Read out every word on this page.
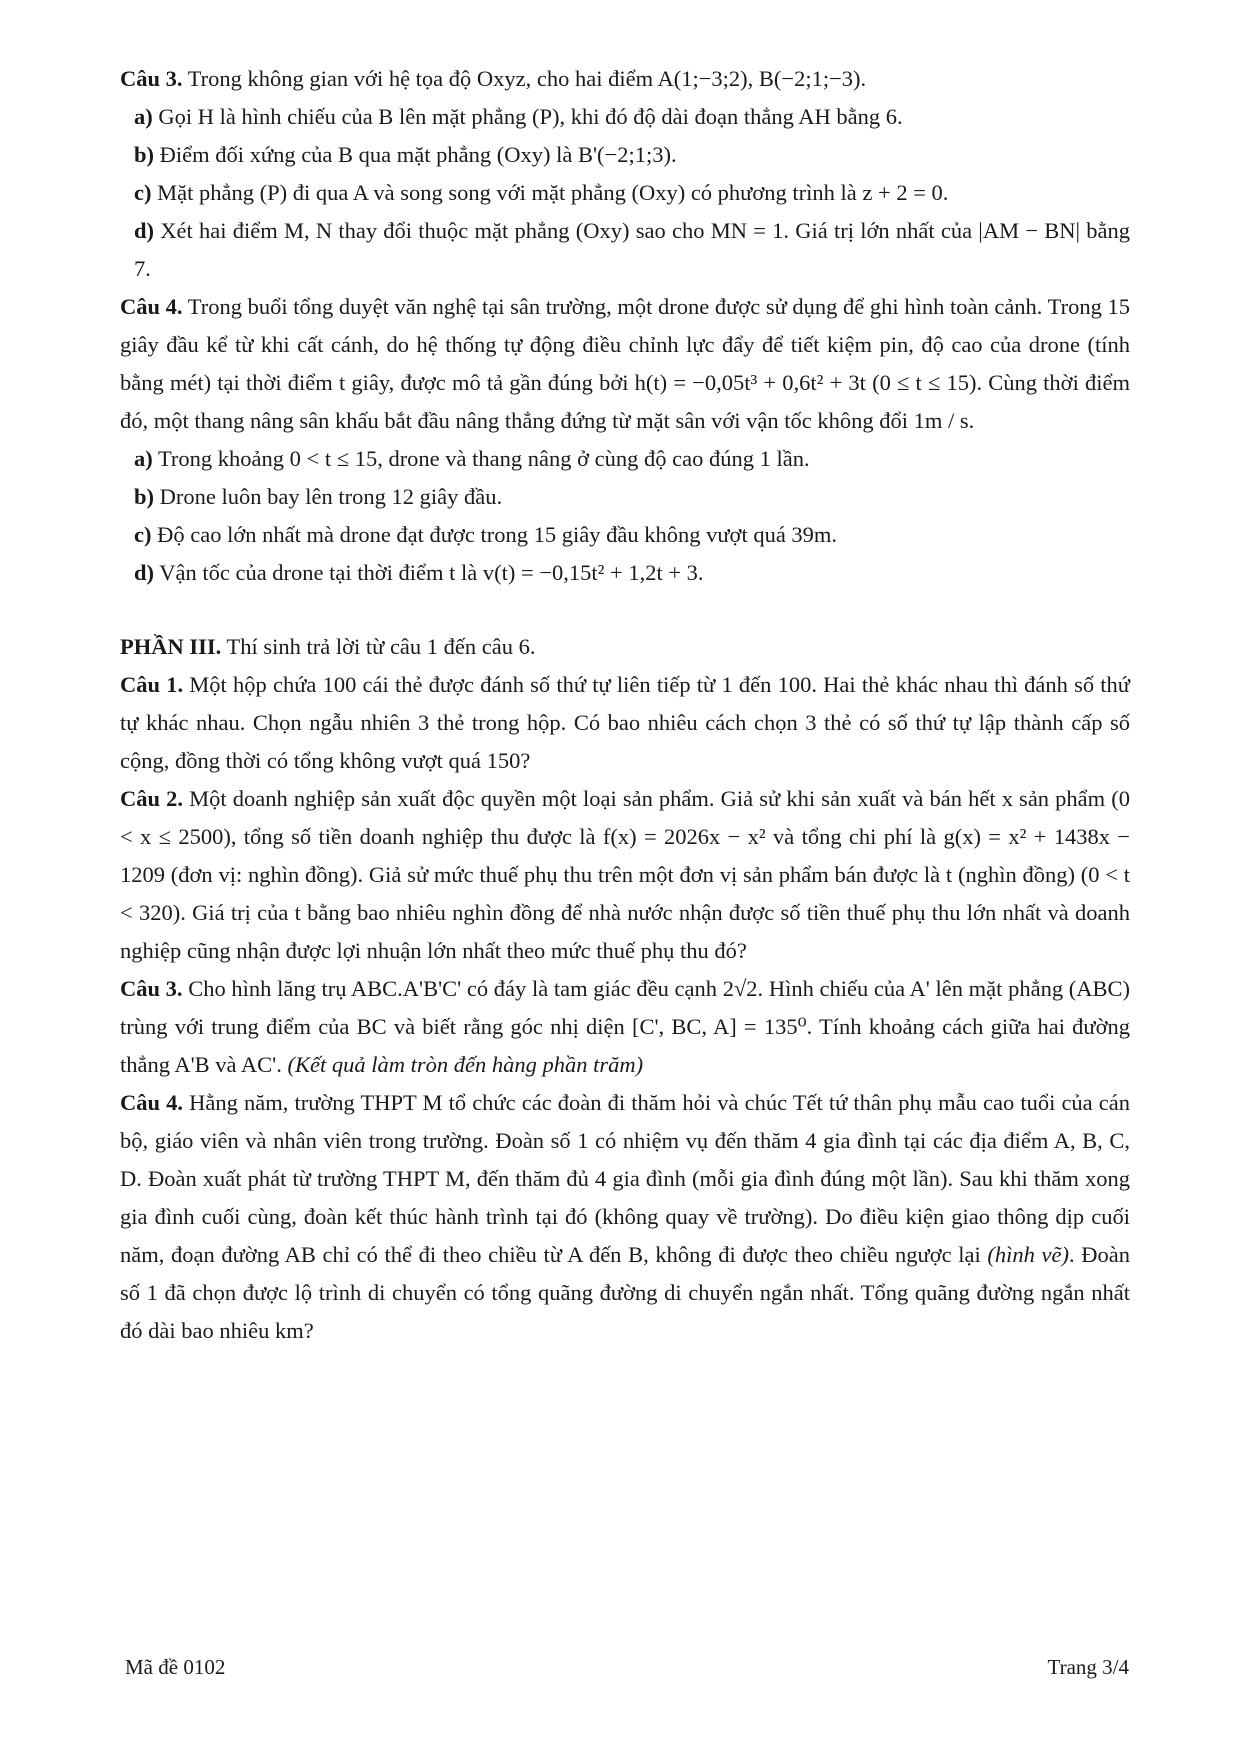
Câu 3. Trong không gian với hệ tọa độ Oxyz, cho hai điểm A(1;−3;2), B(−2;1;−3).

a) Gọi H là hình chiếu của B lên mặt phẳng (P), khi đó độ dài đoạn thẳng AH bằng 6.

b) Điểm đối xứng của B qua mặt phẳng (Oxy) là B'(−2;1;3).

c) Mặt phẳng (P) đi qua A và song song với mặt phẳng (Oxy) có phương trình là z + 2 = 0.

d) Xét hai điểm M, N thay đổi thuộc mặt phẳng (Oxy) sao cho MN = 1. Giá trị lớn nhất của |AM − BN| bằng 7.

Câu 4. Trong buổi tổng duyệt văn nghệ tại sân trường, một drone được sử dụng để ghi hình toàn cảnh. Trong 15 giây đầu kể từ khi cất cánh, do hệ thống tự động điều chỉnh lực đẩy để tiết kiệm pin, độ cao của drone (tính bằng mét) tại thời điểm t giây, được mô tả gần đúng bởi h(t) = −0,05t³ + 0,6t² + 3t (0 ≤ t ≤ 15). Cùng thời điểm đó, một thang nâng sân khấu bắt đầu nâng thẳng đứng từ mặt sân với vận tốc không đổi 1m / s.

a) Trong khoảng 0 < t ≤ 15, drone và thang nâng ở cùng độ cao đúng 1 lần.

b) Drone luôn bay lên trong 12 giây đầu.

c) Độ cao lớn nhất mà drone đạt được trong 15 giây đầu không vượt quá 39m.

d) Vận tốc của drone tại thời điểm t là v(t) = −0,15t² + 1,2t + 3.

PHẦN III. Thí sinh trả lời từ câu 1 đến câu 6.

Câu 1. Một hộp chứa 100 cái thẻ được đánh số thứ tự liên tiếp từ 1 đến 100. Hai thẻ khác nhau thì đánh số thứ tự khác nhau. Chọn ngẫu nhiên 3 thẻ trong hộp. Có bao nhiêu cách chọn 3 thẻ có số thứ tự lập thành cấp số cộng, đồng thời có tổng không vượt quá 150?

Câu 2. Một doanh nghiệp sản xuất độc quyền một loại sản phẩm. Giả sử khi sản xuất và bán hết x sản phẩm (0 < x ≤ 2500), tổng số tiền doanh nghiệp thu được là f(x) = 2026x − x² và tổng chi phí là g(x) = x² + 1438x − 1209 (đơn vị: nghìn đồng). Giả sử mức thuế phụ thu trên một đơn vị sản phẩm bán được là t (nghìn đồng) (0 < t < 320). Giá trị của t bằng bao nhiêu nghìn đồng để nhà nước nhận được số tiền thuế phụ thu lớn nhất và doanh nghiệp cũng nhận được lợi nhuận lớn nhất theo mức thuế phụ thu đó?

Câu 3. Cho hình lăng trụ ABC.A'B'C' có đáy là tam giác đều cạnh 2√2. Hình chiếu của A' lên mặt phẳng (ABC) trùng với trung điểm của BC và biết rằng góc nhị diện [C', BC, A] = 135⁰. Tính khoảng cách giữa hai đường thẳng A'B và AC'. (Kết quả làm tròn đến hàng phần trăm)

Câu 4. Hằng năm, trường THPT M tổ chức các đoàn đi thăm hỏi và chúc Tết tứ thân phụ mẫu cao tuổi của cán bộ, giáo viên và nhân viên trong trường. Đoàn số 1 có nhiệm vụ đến thăm 4 gia đình tại các địa điểm A, B, C, D. Đoàn xuất phát từ trường THPT M, đến thăm đủ 4 gia đình (mỗi gia đình đúng một lần). Sau khi thăm xong gia đình cuối cùng, đoàn kết thúc hành trình tại đó (không quay về trường). Do điều kiện giao thông dịp cuối năm, đoạn đường AB chỉ có thể đi theo chiều từ A đến B, không đi được theo chiều ngược lại (hình vẽ). Đoàn số 1 đã chọn được lộ trình di chuyển có tổng quãng đường di chuyển ngắn nhất. Tổng quãng đường ngắn nhất đó dài bao nhiêu km?

Mã đề 0102	Trang 3/4
